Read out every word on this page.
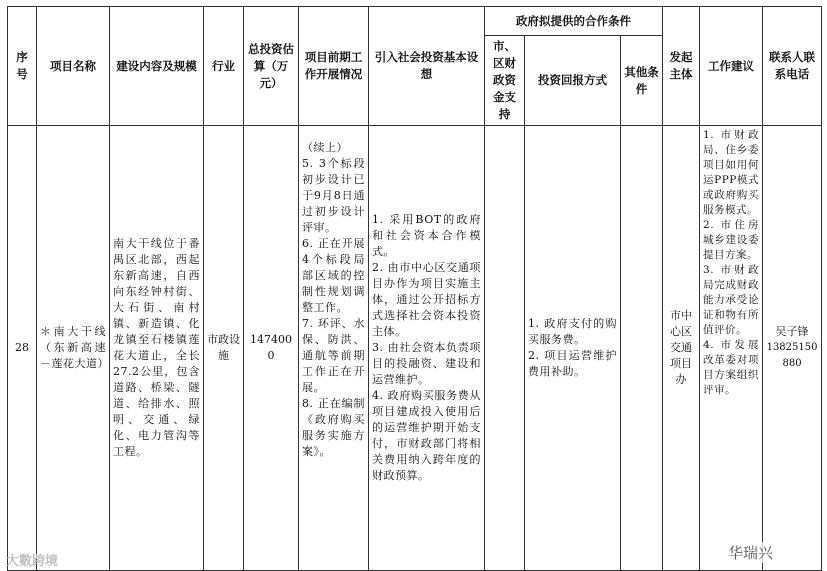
序号	项目名称	建设内容及规模	行业	总投资估算（万元）	项目前期工作开展情况	引入社会投资基本设想	政府拟提供的合作条件			发起主体	工作建议	联系人联系电话
							市、区财政资金支持	投资回报方式	其他条件			
28	＊南大干线（东新高速－莲花大道）	南大干线位于番禺区北部，西起东新高速，自西向东经钟村街、大石街、南村镇、新造镇、化龙镇至石楼镇莲花大道止，全长27.2公里，包含道路、桥梁、隧道、给排水、照明、交通、绿化、电力管沟等工程。	市政设施	1474000	（续上）
5. 3个标段初步设计已于9月8日通过初步设计评审。
6. 正在开展4个标段局部区域的控制性规划调整工作。
7. 环评、水保、防洪、通航等前期工作正在开展。
8. 正在编制《政府购买服务实施方案》。	1. 采用BOT的政府和社会资本合作模式。
2. 由市中心区交通项目办作为项目实施主体，通过公开招标方式选择社会资本投资主体。
3. 由社会资本负责项目的投融资、建设和运营维护。
4. 政府购买服务费从项目建成投入使用后的运营维护期开始支付，市财政部门将相关费用纳入跨年度的财政预算。		1. 政府支付的购买服务费。
2. 项目运营维护费用补助。		市中心区交通项目办	1. 市财政局、住乡委项目如用何运PPP模式或政府购买服务模式。
2. 市住房城乡建设委提目方案。
3. 市财政局完成财政能力承受论证和物有所值评价。
4. 市发展改革委对项目方案组织评审。	吴子锋
13825150880
大數跨境	华瑞兴
